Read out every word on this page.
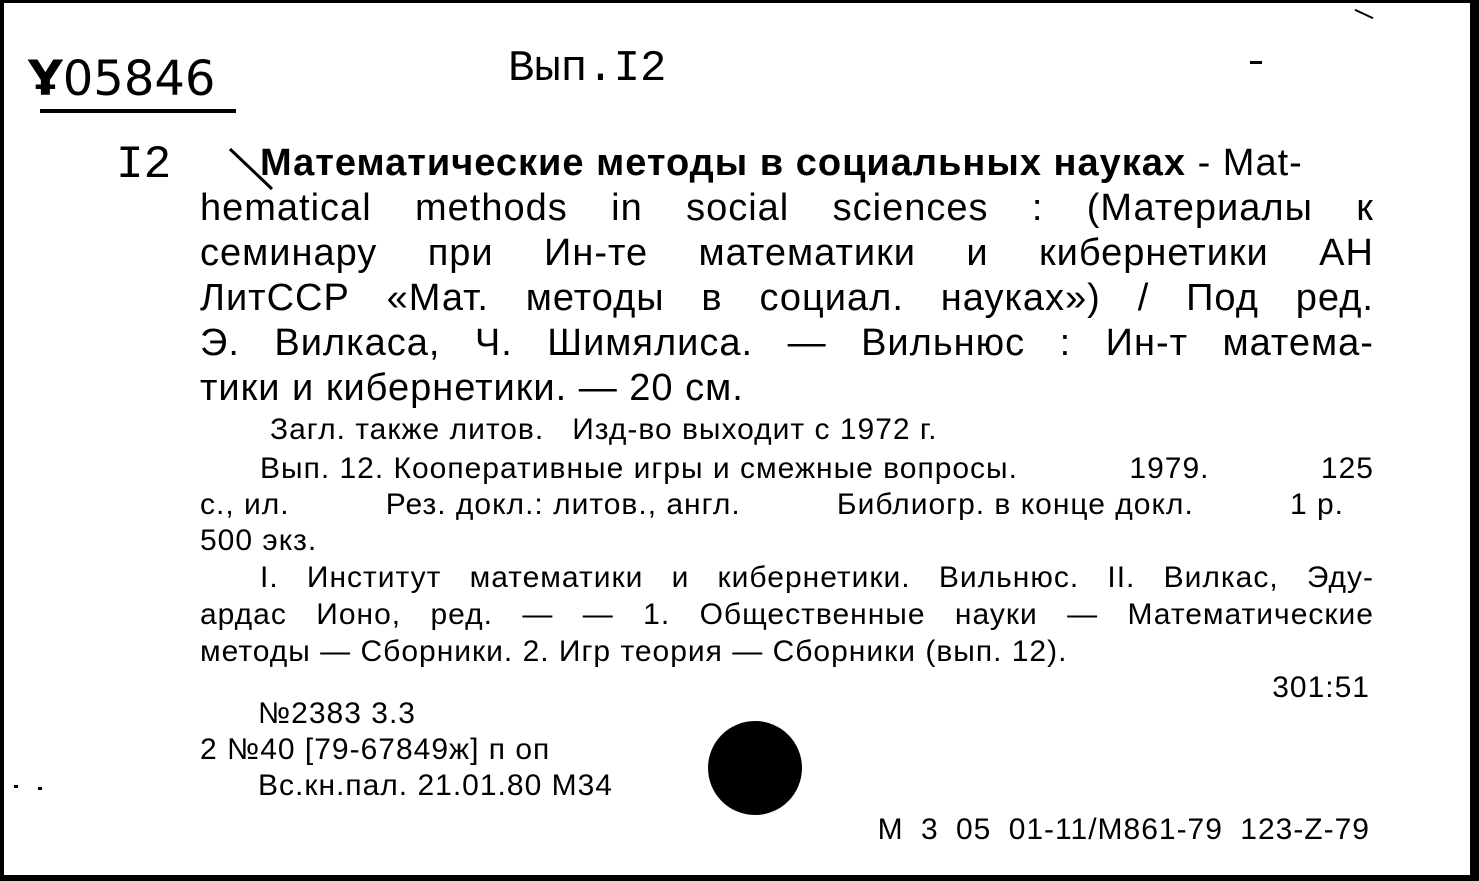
Ұ05846	Вып.I2
I2	Математические методы в социальных науках - Mat-
hematical methods in social sciences : (Материалы к
семинару при Ин-те математики и кибернетики АН
ЛитССР «Мат. методы в социал. науках») / Под ред.
Э. Вилкаса, Ч. Шимялиса. — Вильнюс : Ин-т матема-
тики и кибернетики. — 20 см.
Загл. также литов.   Изд-во выходит с 1972 г.
Вып. 12. Кооперативные игры и смежные вопросы.	1979.	125
с., ил.	Рез. докл.: литов., англ.	Библиогр. в конце докл.	1 р.
500 экз.
I. Институт математики и кибернетики. Вильнюс. II. Вилкас, Эду-
ардас Ионо, ред. — — 1. Общественные науки — Математические
методы — Сборники. 2. Игр теория — Сборники (вып. 12).
301:51
№2383 3.3
2 №40 [79-67849ж] п оп
Вс.кн.пал. 21.01.80 М34
М 3 05 01-11/М861-79 123-Z-79
